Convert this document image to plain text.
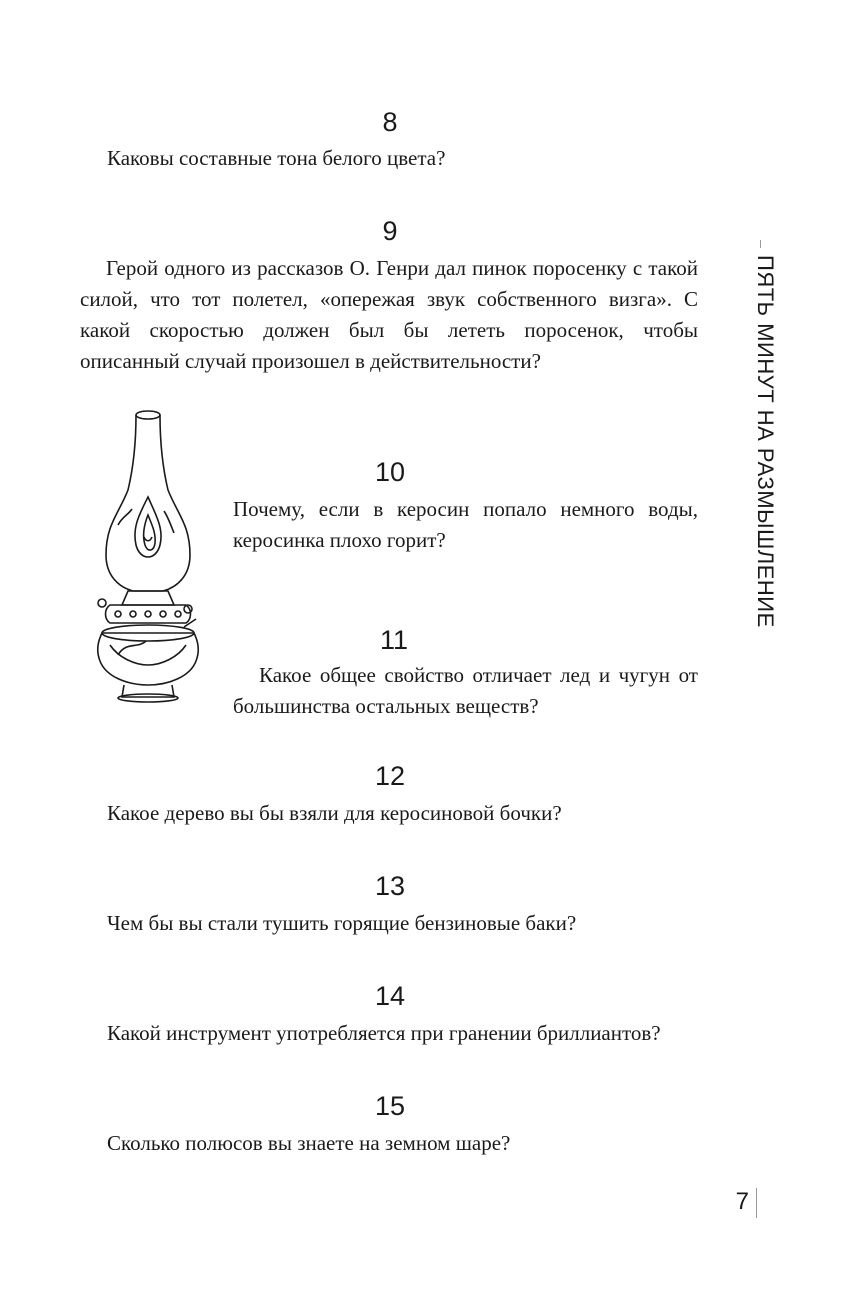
8
Каковы составные тона белого цвета?
9
Герой одного из рассказов О. Генри дал пинок поросенку с такой силой, что тот полетел, «опережая звук собственного визга». С какой скоростью должен был бы лететь поросенок, чтобы описанный случай произошел в действительности?
10
Почему, если в керосин попало немного воды, керосинка плохо горит?
11
Какое общее свойство отличает лед и чугун от большинства остальных веществ?
12
Какое дерево вы бы взяли для керосиновой бочки?
13
Чем бы вы стали тушить горящие бензиновые баки?
14
Какой инструмент употребляется при гранении бриллиантов?
15
Сколько полюсов вы знаете на земном шаре?
ПЯТЬ МИНУТ НА РАЗМЫШЛЕНИЕ
7
